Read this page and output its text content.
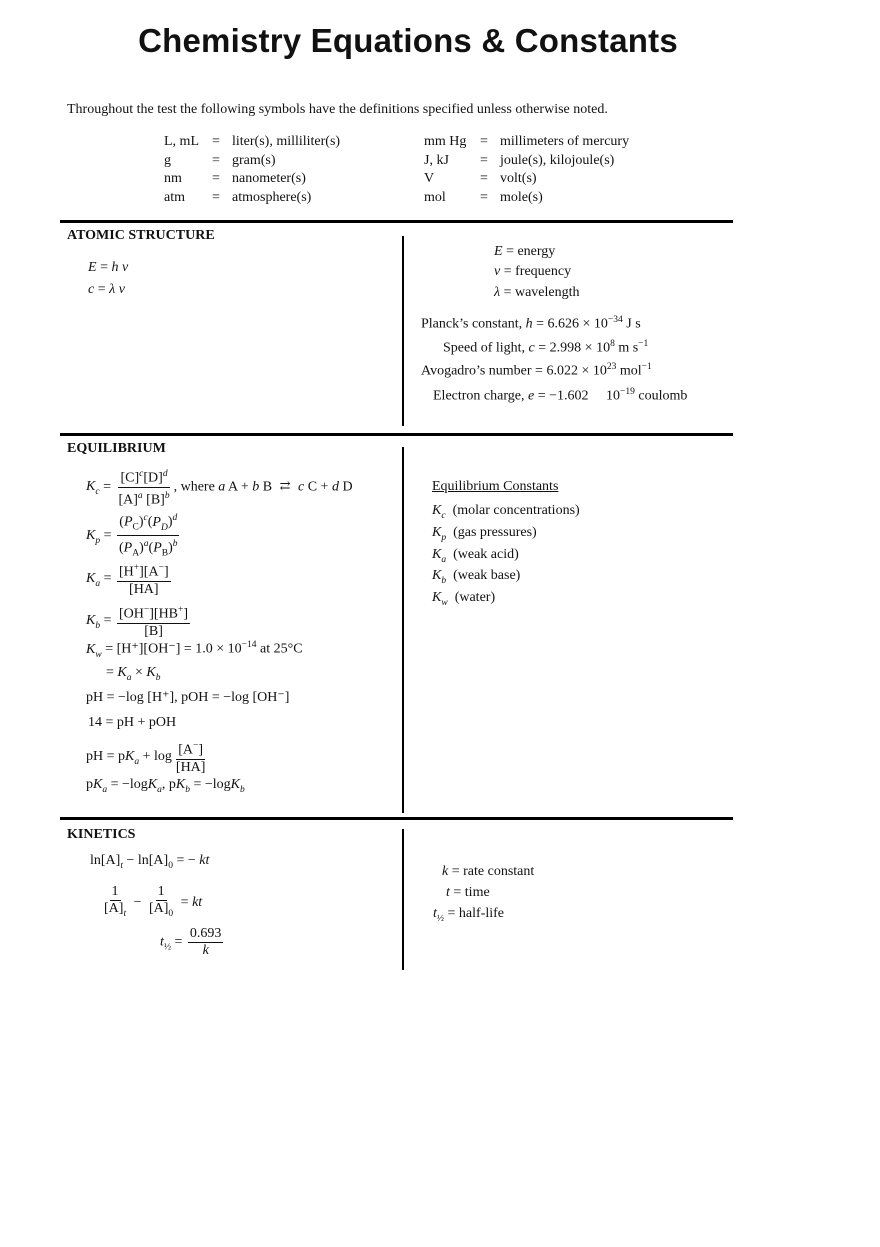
Chemistry Equations & Constants
Throughout the test the following symbols have the definitions specified unless otherwise noted.
L, mL = liter(s), milliliter(s)
g	= gram(s)
nm	= nanometer(s)
atm	= atmosphere(s)
mm Hg = millimeters of mercury
J, kJ	= joule(s), kilojoule(s)
V	= volt(s)
mol	= mole(s)
ATOMIC STRUCTURE
E = h ν
c = λ ν
E = energy
ν = frequency
λ = wavelength
Planck’s constant, $h = 6.626 \times 10^{-34}$ J s
Speed of light, $c = 2.998 \times 10^8$ m $s^{-1}$
Avogadro’s number = $6.022 \times 10^{23}$ mol$^{-1}$
Electron charge, e = −1.602 $10^{-19}$ coulomb
EQUILIBRIUM
$K_c = \frac{[C]^c[D]^d}{[A]^a [B]^b}$ , where a A + b B ⇄ c C + d D
$K_p = \frac{(P_C)^c(P_D)^d}{(P_A)^a(P_B)^b}$
$K_a = \frac{[H^+][A^-]}{[HA]}$
$K_b = \frac{[OH^-][HB^+]}{[B]}$
$K_w = [H^+][OH^-] = 1.0 \times 10^{-14}$ at 25°C
= $K_a \times K_b$
pH = −log [H⁺], pOH = −log [OH⁻]
14 = pH + pOH
pH = $pK_a + \log \frac{[A^-]}{[HA]}$
$pK_a = -\log K_a$, $pK_b = -\log K_b$
Equilibrium Constants
$K_c$ (molar concentrations)
$K_p$ (gas pressures)
$K_a$ (weak acid)
$K_b$ (weak base)
$K_w$ (water)
KINETICS
$\ln[A]_t - \ln[A]_0$ = − kt
$\frac{1}{[A]_t} - \frac{1}{[A]_0}$ = kt
$t_{\frac{1}{2}} = \frac{0.693}{k}$
k = rate constant
t = time
$t_{\frac{1}{2}}$ = half-life
